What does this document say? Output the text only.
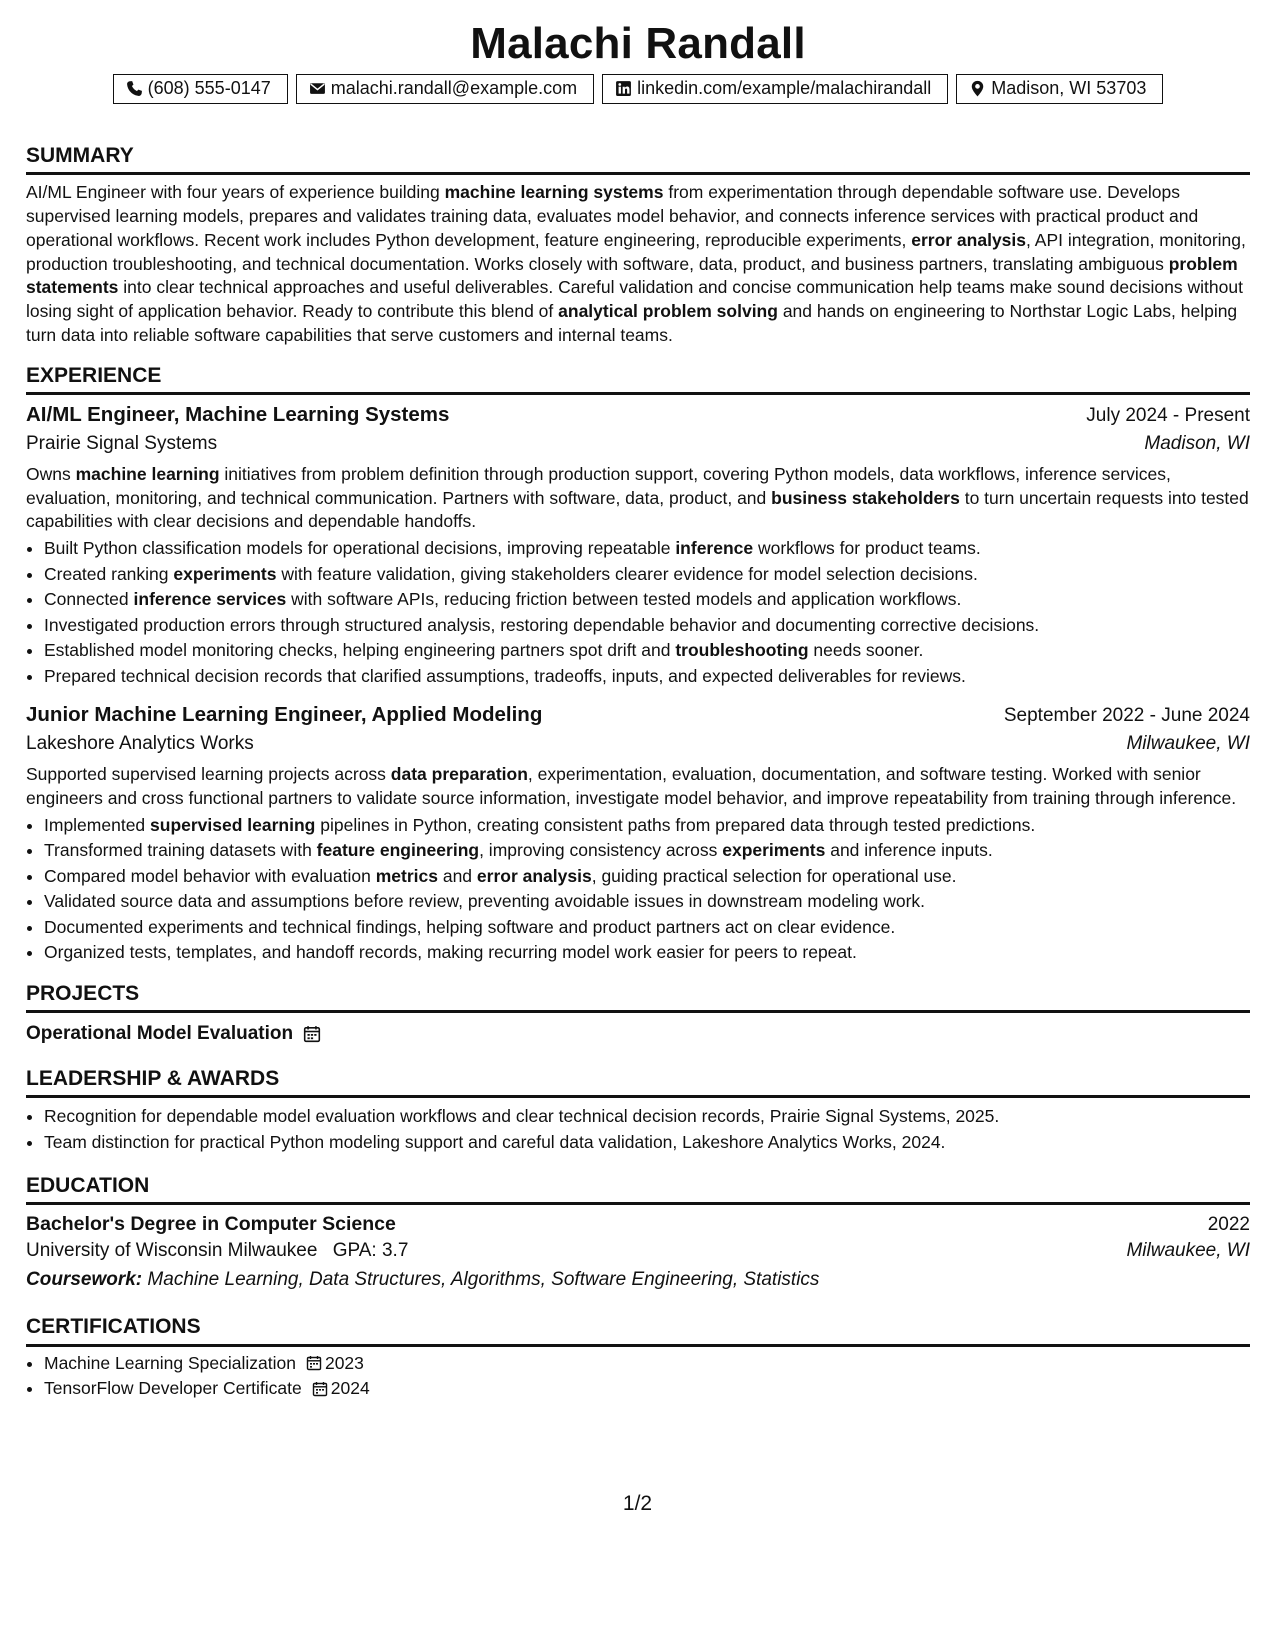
Malachi Randall
(608) 555-0147	malachi.randall@example.com	linkedin.com/example/malachirandall	Madison, WI 53703
SUMMARY

AI/ML Engineer with four years of experience building machine learning systems from experimentation through dependable software use. Develops supervised learning models, prepares and validates training data, evaluates model behavior, and connects inference services with practical product and operational workflows. Recent work includes Python development, feature engineering, reproducible experiments, error analysis, API integration, monitoring, production troubleshooting, and technical documentation. Works closely with software, data, product, and business partners, translating ambiguous problem statements into clear technical approaches and useful deliverables. Careful validation and concise communication help teams make sound decisions without losing sight of application behavior. Ready to contribute this blend of analytical problem solving and hands on engineering to Northstar Logic Labs, helping turn data into reliable software capabilities that serve customers and internal teams.

EXPERIENCE
AI/ML Engineer, Machine Learning Systems	July 2024 - Present
Prairie Signal Systems	Madison, WI

Owns machine learning initiatives from problem definition through production support, covering Python models, data workflows, inference services, evaluation, monitoring, and technical communication. Partners with software, data, product, and business stakeholders to turn uncertain requests into tested capabilities with clear decisions and dependable handoffs.

• Built Python classification models for operational decisions, improving repeatable inference workflows for product teams.
• Created ranking experiments with feature validation, giving stakeholders clearer evidence for model selection decisions.
• Connected inference services with software APIs, reducing friction between tested models and application workflows.
• Investigated production errors through structured analysis, restoring dependable behavior and documenting corrective decisions.
• Established model monitoring checks, helping engineering partners spot drift and troubleshooting needs sooner.
• Prepared technical decision records that clarified assumptions, tradeoffs, inputs, and expected deliverables for reviews.
Junior Machine Learning Engineer, Applied Modeling	September 2022 - June 2024
Lakeshore Analytics Works	Milwaukee, WI

Supported supervised learning projects across data preparation, experimentation, evaluation, documentation, and software testing. Worked with senior engineers and cross functional partners to validate source information, investigate model behavior, and improve repeatability from training through inference.

• Implemented supervised learning pipelines in Python, creating consistent paths from prepared data through tested predictions.
• Transformed training datasets with feature engineering, improving consistency across experiments and inference inputs.
• Compared model behavior with evaluation metrics and error analysis, guiding practical selection for operational use.
• Validated source data and assumptions before review, preventing avoidable issues in downstream modeling work.
• Documented experiments and technical findings, helping software and product partners act on clear evidence.
• Organized tests, templates, and handoff records, making recurring model work easier for peers to repeat.
PROJECTS
Operational Model Evaluation
LEADERSHIP & AWARDS
• Recognition for dependable model evaluation workflows and clear technical decision records, Prairie Signal Systems, 2025.
• Team distinction for practical Python modeling support and careful data validation, Lakeshore Analytics Works, 2024.
EDUCATION
Bachelor's Degree in Computer Science	2022
University of Wisconsin Milwaukee GPA: 3.7	Milwaukee, WI
Coursework: Machine Learning, Data Structures, Algorithms, Software Engineering, Statistics
CERTIFICATIONS
• Machine Learning Specialization 2023
• TensorFlow Developer Certificate 2024
1/2
